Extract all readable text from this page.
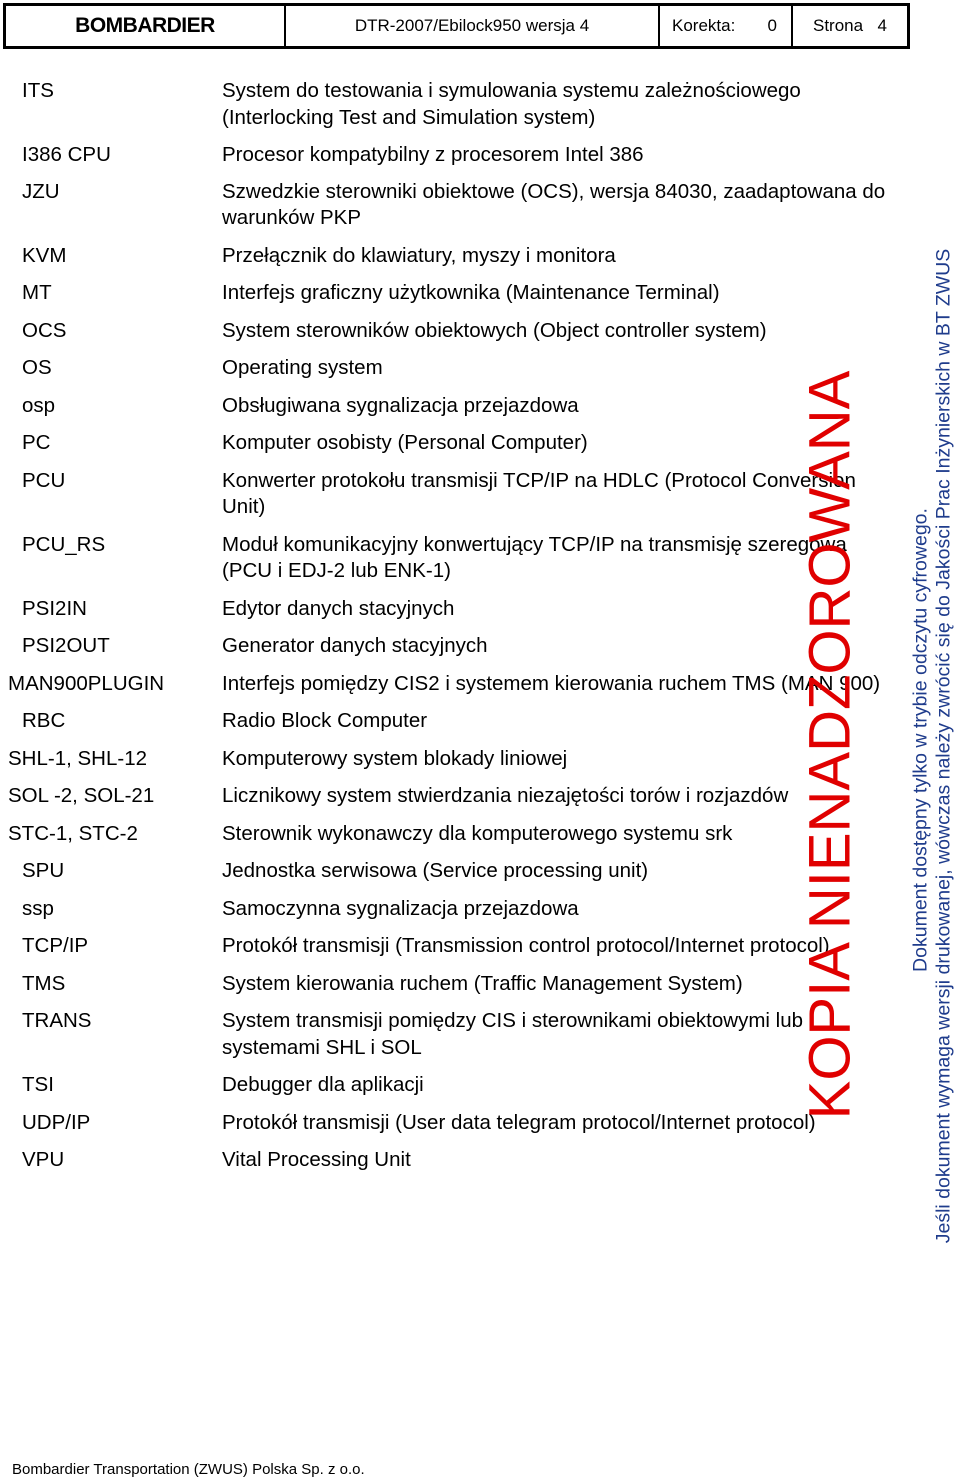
BOMBARDIER	DTR-2007/Ebilock950 wersja 4	Korekta: 0 Strona 4
ITS	System do testowania i symulowania systemu zależnościowego
(Interlocking Test and Simulation system)
I386 CPU	Procesor kompatybilny z procesorem Intel 386
JZU	Szwedzkie sterowniki obiektowe (OCS), wersja 84030, zaadaptowana do
warunków PKP
KVM	Przełącznik do klawiatury, myszy i monitora
MT	Interfejs graficzny użytkownika (Maintenance Terminal)
OCS	System sterowników obiektowych (Object controller system)
OS	Operating system
osp	Obsługiwana sygnalizacja przejazdowa
PC	Komputer osobisty (Personal Computer)
PCU	Konwerter protokołu transmisji TCP/IP na HDLC (Protocol Conversion
Unit)
PCU_RS	Moduł komunikacyjny konwertujący TCP/IP na transmisję szeregową
(PCU i EDJ-2 lub ENK-1)
PSI2IN	Edytor danych stacyjnych
PSI2OUT	Generator danych stacyjnych
MAN900PLUGIN	Interfejs pomiędzy CIS2 i systemem kierowania ruchem TMS (MAN 900)
RBC	Radio Block Computer
SHL-1, SHL-12	Komputerowy system blokady liniowej
SOL -2, SOL-21	Licznikowy system stwierdzania niezajętości torów i rozjazdów
STC-1, STC-2	Sterownik wykonawczy dla komputerowego systemu srk
SPU	Jednostka serwisowa (Service processing unit)
ssp	Samoczynna sygnalizacja przejazdowa
TCP/IP	Protokół transmisji (Transmission control protocol/Internet protocol)
TMS	System kierowania ruchem (Traffic Management System)
TRANS	System transmisji pomiędzy CIS i sterownikami obiektowymi lub
systemami SHL i SOL
TSI	Debugger dla aplikacji
UDP/IP	Protokół transmisji (User data telegram protocol/Internet protocol)
VPU	Vital Processing Unit
KOPIA NIENADZOROWANA Dokument dostępny tylko w trybie odczytu cyfrowego. Jeśli dokument wymaga wersji drukowanej, wówczas należy zwrócić się do Jakości Prac Inżynierskich w BT ZWUS
Bombardier Transportation (ZWUS) Polska Sp. z o.o.
